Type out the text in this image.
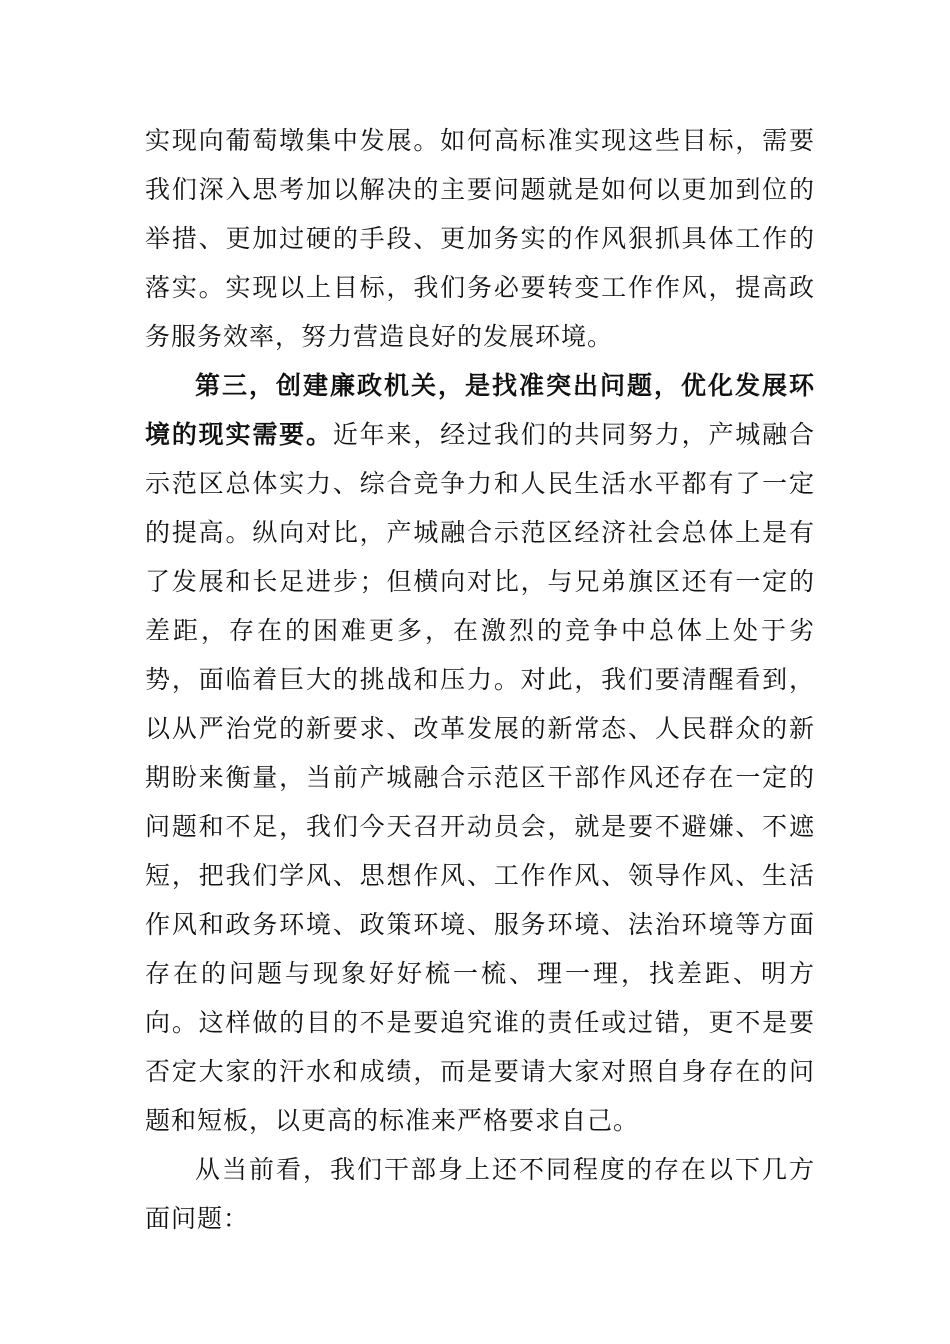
实现向葡萄墩集中发展。如何高标准实现这些目标，需要我们深入思考加以解决的主要问题就是如何以更加到位的举措、更加过硬的手段、更加务实的作风狠抓具体工作的落实。实现以上目标，我们务必要转变工作作风，提高政务服务效率，努力营造良好的发展环境。

第三，创建廉政机关，是找准突出问题，优化发展环境的现实需要。近年来，经过我们的共同努力，产城融合示范区总体实力、综合竞争力和人民生活水平都有了一定的提高。纵向对比，产城融合示范区经济社会总体上是有了发展和长足进步；但横向对比，与兄弟旗区还有一定的差距，存在的困难更多，在激烈的竞争中总体上处于劣势，面临着巨大的挑战和压力。对此，我们要清醒看到，以从严治党的新要求、改革发展的新常态、人民群众的新期盼来衡量，当前产城融合示范区干部作风还存在一定的问题和不足，我们今天召开动员会，就是要不避嫌、不遮短，把我们学风、思想作风、工作作风、领导作风、生活作风和政务环境、政策环境、服务环境、法治环境等方面存在的问题与现象好好梳一梳、理一理，找差距、明方向。这样做的目的不是要追究谁的责任或过错，更不是要否定大家的汗水和成绩，而是要请大家对照自身存在的问题和短板，以更高的标准来严格要求自己。

从当前看，我们干部身上还不同程度的存在以下几方面问题：
